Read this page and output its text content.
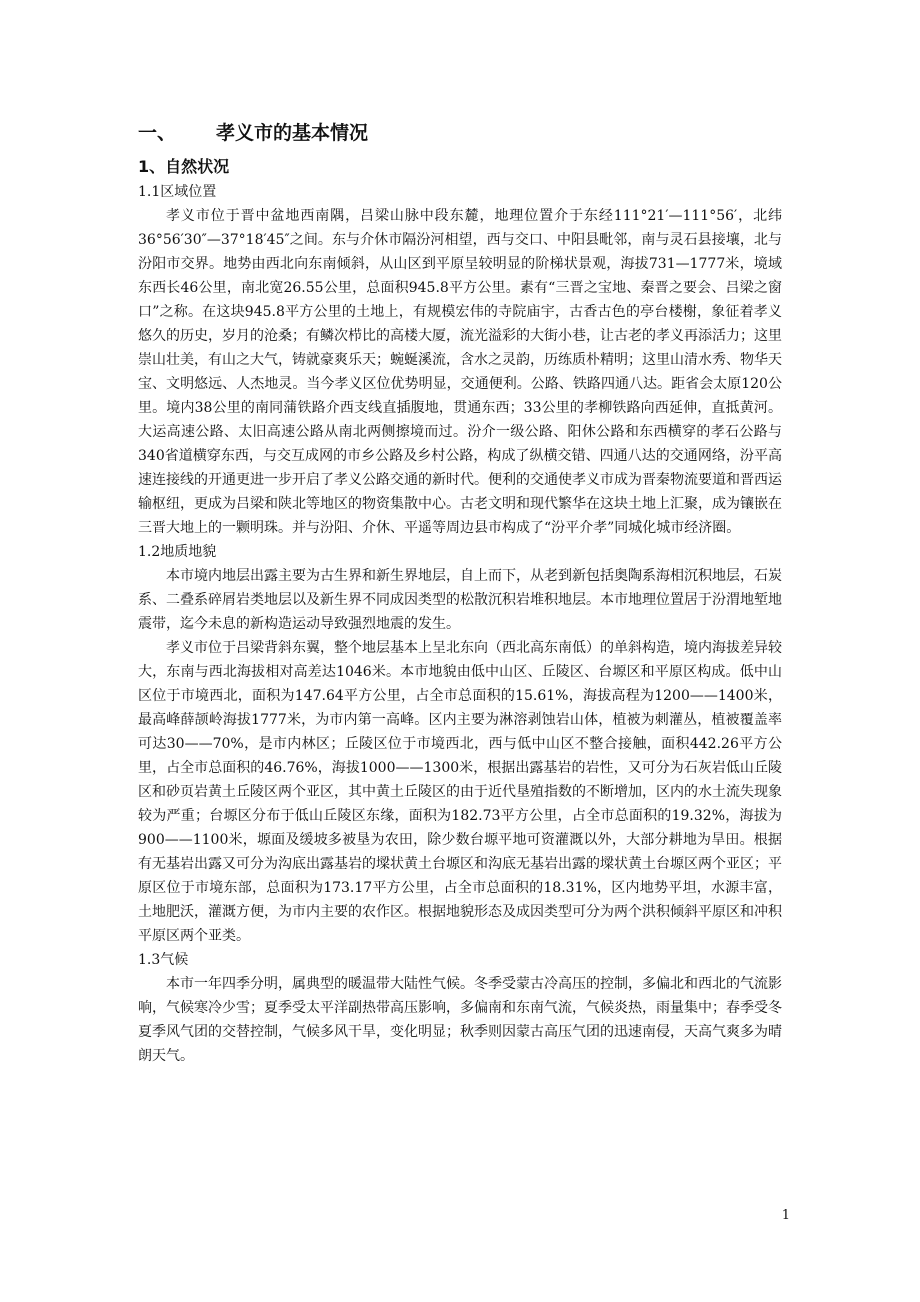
一、 孝义市的基本情况
1、自然状况
1.1区域位置

孝义市位于晋中盆地西南隅，吕梁山脉中段东麓，地理位置介于东经111°21′—111°56′，北纬36°56′30″—37°18′45″之间。东与介休市隔汾河相望，西与交口、中阳县毗邻，南与灵石县接壤，北与汾阳市交界。地势由西北向东南倾斜，从山区到平原呈较明显的阶梯状景观，海拔731—1777米，境域东西长46公里，南北宽26.55公里，总面积945.8平方公里。素有“三晋之宝地、秦晋之要会、吕梁之窗口”之称。在这块945.8平方公里的土地上，有规模宏伟的寺院庙宇，古香古色的亭台楼榭，象征着孝义悠久的历史，岁月的沧桑；有鳞次栉比的高楼大厦，流光溢彩的大街小巷，让古老的孝义再添活力；这里崇山壮美，有山之大气，铸就豪爽乐天；蜿蜒溪流，含水之灵韵，历练质朴精明；这里山清水秀、物华天宝、文明悠远、人杰地灵。当今孝义区位优势明显，交通便利。公路、铁路四通八达。距省会太原120公里。境内38公里的南同蒲铁路介西支线直插腹地，贯通东西；33公里的孝柳铁路向西延伸，直抵黄河。大运高速公路、太旧高速公路从南北两侧擦境而过。汾介一级公路、阳休公路和东西横穿的孝石公路与340省道横穿东西，与交互成网的市乡公路及乡村公路，构成了纵横交错、四通八达的交通网络，汾平高速连接线的开通更进一步开启了孝义公路交通的新时代。便利的交通使孝义市成为晋秦物流要道和晋西运输枢纽，更成为吕梁和陕北等地区的物资集散中心。古老文明和现代繁华在这块土地上汇聚，成为镶嵌在三晋大地上的一颗明珠。并与汾阳、介休、平遥等周边县市构成了“汾平介孝”同城化城市经济圈。

1.2地质地貌

本市境内地层出露主要为古生界和新生界地层，自上而下，从老到新包括奥陶系海相沉积地层，石炭系、二叠系碎屑岩类地层以及新生界不同成因类型的松散沉积岩堆积地层。本市地理位置居于汾渭地堑地震带，迄今未息的新构造运动导致强烈地震的发生。

孝义市位于吕梁背斜东翼，整个地层基本上呈北东向（西北高东南低）的单斜构造，境内海拔差异较大，东南与西北海拔相对高差达1046米。本市地貌由低中山区、丘陵区、台塬区和平原区构成。低中山区位于市境西北，面积为147.64平方公里，占全市总面积的15.61%，海拔高程为1200——1400米，最高峰薛颉岭海拔1777米，为市内第一高峰。区内主要为淋溶剥蚀岩山体，植被为刺灌丛，植被覆盖率可达30——70%，是市内林区；丘陵区位于市境西北，西与低中山区不整合接触，面积442.26平方公里，占全市总面积的46.76%，海拔1000——1300米，根据出露基岩的岩性，又可分为石灰岩低山丘陵区和砂页岩黄土丘陵区两个亚区，其中黄土丘陵区的由于近代垦殖指数的不断增加，区内的水土流失现象较为严重；台塬区分布于低山丘陵区东缘，面积为182.73平方公里，占全市总面积的19.32%，海拔为900——1100米，塬面及缓坡多被垦为农田，除少数台塬平地可资灌溉以外，大部分耕地为旱田。根据有无基岩出露又可分为沟底出露基岩的墚状黄土台塬区和沟底无基岩出露的墚状黄土台塬区两个亚区；平原区位于市境东部，总面积为173.17平方公里，占全市总面积的18.31%，区内地势平坦，水源丰富，土地肥沃，灌溉方便，为市内主要的农作区。根据地貌形态及成因类型可分为两个洪积倾斜平原区和冲积平原区两个亚类。

1.3气候

本市一年四季分明，属典型的暖温带大陆性气候。冬季受蒙古冷高压的控制，多偏北和西北的气流影响，气候寒冷少雪；夏季受太平洋副热带高压影响，多偏南和东南气流，气候炎热，雨量集中；春季受冬夏季风气团的交替控制，气候多风干旱，变化明显；秋季则因蒙古高压气团的迅速南侵，天高气爽多为晴朗天气。

1
